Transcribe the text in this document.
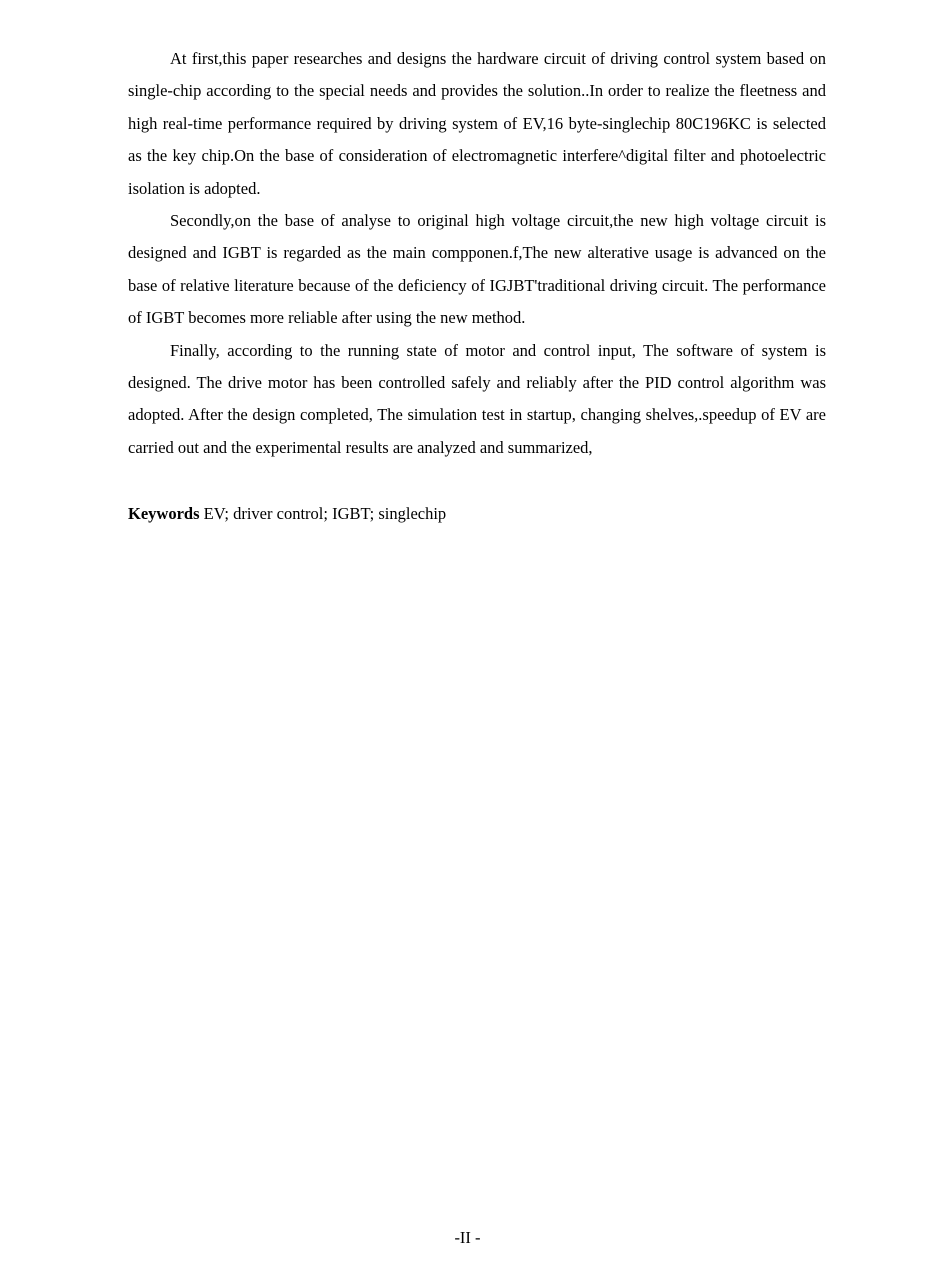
At first,this paper researches and designs the hardware circuit of driving control system based on single-chip according to the special needs and provides the solution..In order to realize the fleetness and high real-time performance required by driving system of EV,16 byte-singlechip 80C196KC is selected as the key chip.On the base of consideration of electromagnetic interfere^digital filter and photoelectric isolation is adopted.

Secondly,on the base of analyse to original high voltage circuit,the new high voltage circuit is designed and IGBT is regarded as the main compponen.f,The new alterative usage is advanced on the base of relative literature because of the deficiency of IGJBT'traditional driving circuit. The performance of IGBT becomes more reliable after using the new method.

Finally, according to the running state of motor and control input, The software of system is designed. The drive motor has been controlled safely and reliably after the PID control algorithm was adopted. After the design completed, The simulation test in startup, changing shelves,.speedup of EV are carried out and the experimental results are analyzed and summarized,

Keywords EV; driver control; IGBT; singlechip
-II -
